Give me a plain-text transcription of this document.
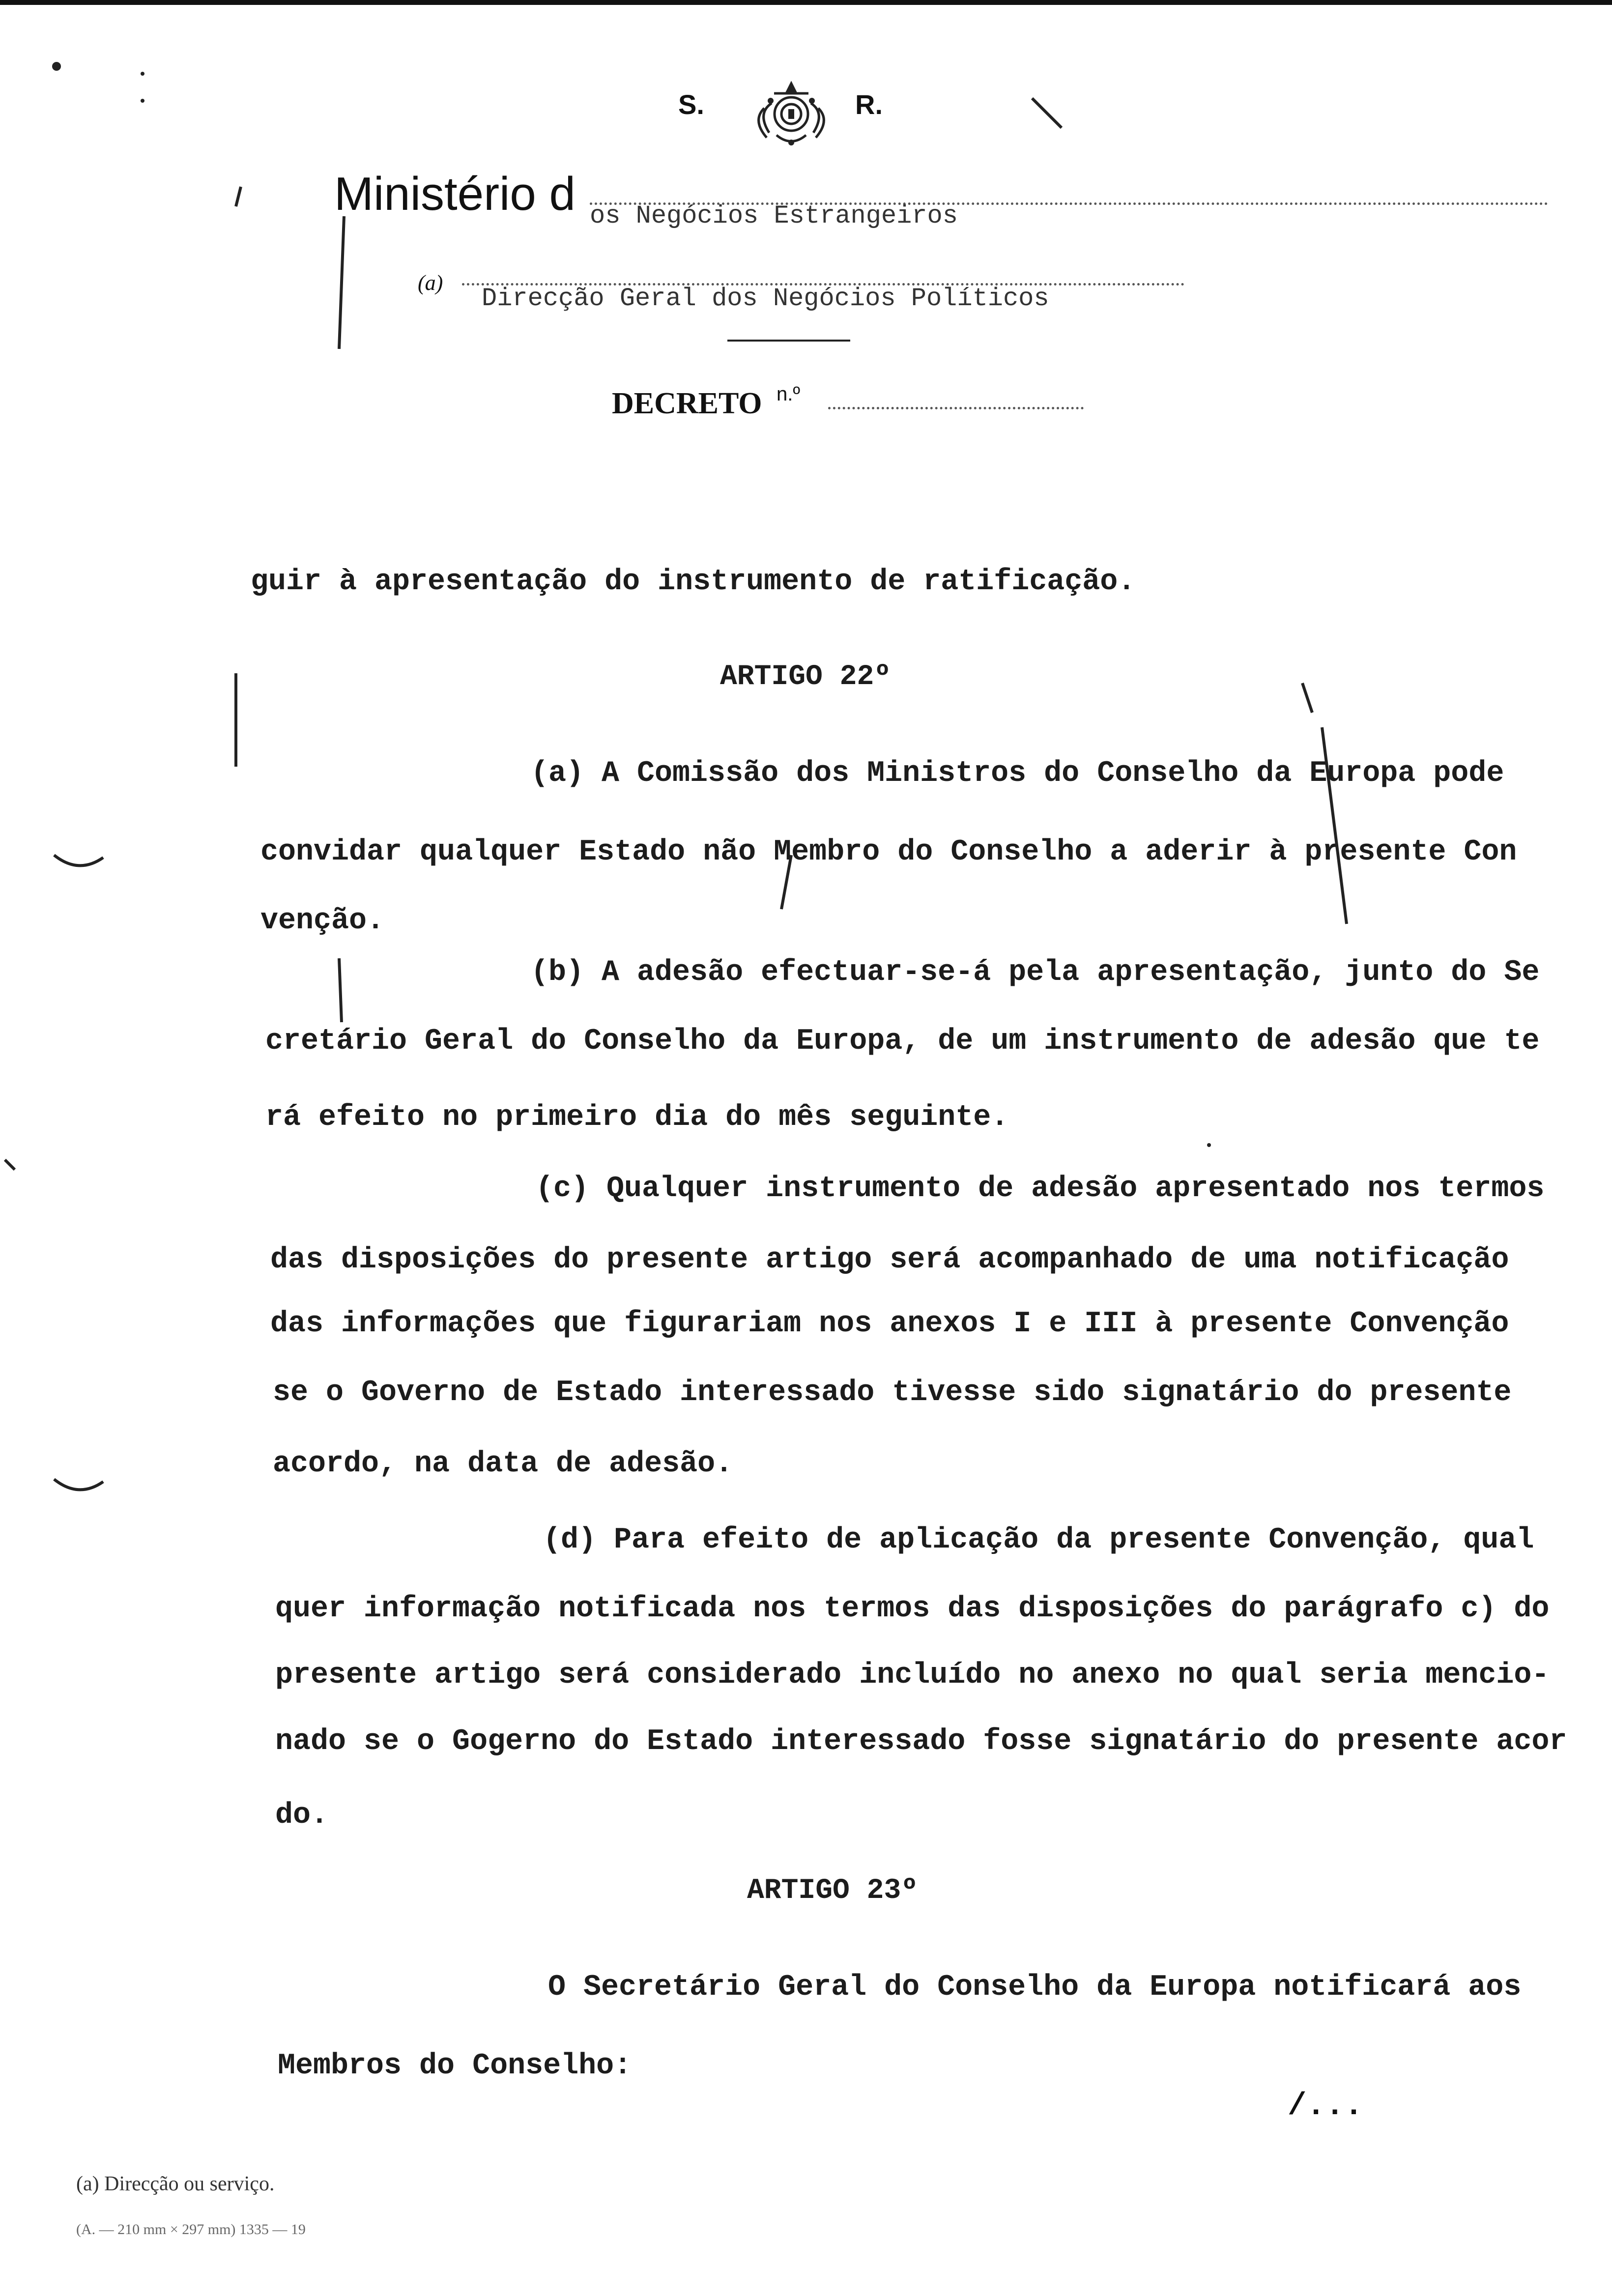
S.	R.
Ministério d os Negócios Estrangeiros
(a)
Direcção Geral dos Negócios Políticos
DECRETO n.º
guir à apresentação do instrumento de ratificação.
ARTIGO 22º
(a) A Comissão dos Ministros do Conselho da Europa pode
convidar qualquer Estado não Membro do Conselho a aderir à presente Con
venção.
(b) A adesão efectuar-se-á pela apresentação, junto do Se
cretário Geral do Conselho da Europa, de um instrumento de adesão que te
rá efeito no primeiro dia do mês seguinte.
(c) Qualquer instrumento de adesão apresentado nos termos
das disposições do presente artigo será acompanhado de uma notificação
das informações que figurariam nos anexos I e III à presente Convenção
se o Governo de Estado interessado tivesse sido signatário do presente
acordo, na data de adesão.
(d) Para efeito de aplicação da presente Convenção, qual
quer informação notificada nos termos das disposições do parágrafo c) do
presente artigo será considerado incluído no anexo no qual seria mencio-
nado se o Gogerno do Estado interessado fosse signatário do presente acor
do.
ARTIGO 23º
O Secretário Geral do Conselho da Europa notificará aos
Membros do Conselho:
/...
(a) Direcção ou serviço.
(A. — 210 mm × 297 mm) 1335 — 19
